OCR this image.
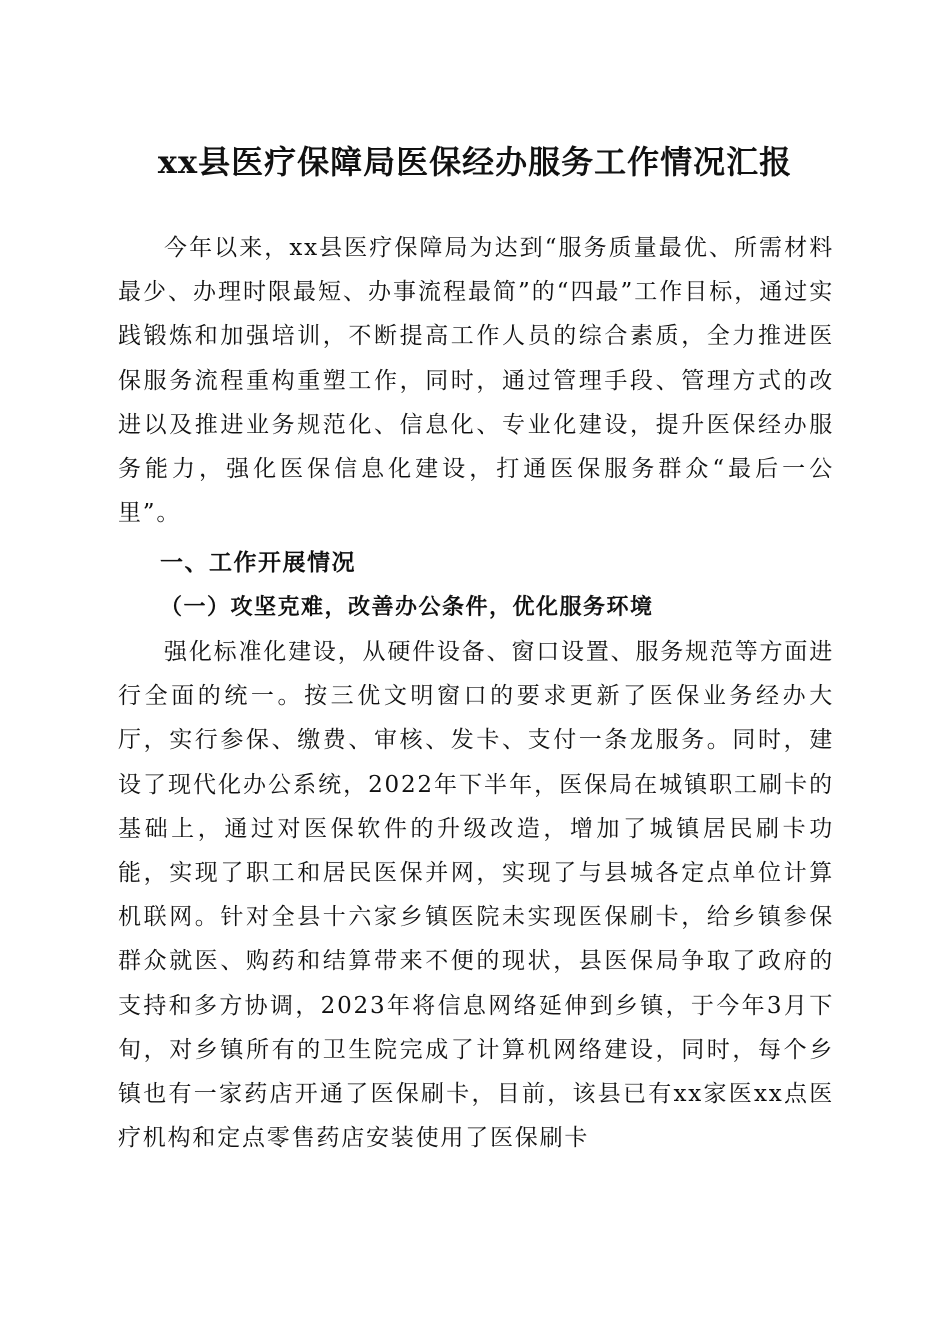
xx县医疗保障局医保经办服务工作情况汇报

今年以来，xx县医疗保障局为达到“服务质量最优、所需材料最少、办理时限最短、办事流程最简”的“四最”工作目标，通过实践锻炼和加强培训，不断提高工作人员的综合素质，全力推进医保服务流程重构重塑工作，同时，通过管理手段、管理方式的改进以及推进业务规范化、信息化、专业化建设，提升医保经办服务能力，强化医保信息化建设，打通医保服务群众“最后一公里”。

一、工作开展情况
（一）攻坚克难，改善办公条件，优化服务环境

强化标准化建设，从硬件设备、窗口设置、服务规范等方面进行全面的统一。按三优文明窗口的要求更新了医保业务经办大厅，实行参保、缴费、审核、发卡、支付一条龙服务。同时，建设了现代化办公系统，2022年下半年，医保局在城镇职工刷卡的基础上，通过对医保软件的升级改造，增加了城镇居民刷卡功能，实现了职工和居民医保并网，实现了与县城各定点单位计算机联网。针对全县十六家乡镇医院未实现医保刷卡，给乡镇参保群众就医、购药和结算带来不便的现状，县医保局争取了政府的支持和多方协调，2023年将信息网络延伸到乡镇，于今年3月下旬，对乡镇所有的卫生院完成了计算机网络建设，同时，每个乡镇也有一家药店开通了医保刷卡，目前，该县已有xx家医xx点医疗机构和定点零售药店安装使用了医保刷卡
